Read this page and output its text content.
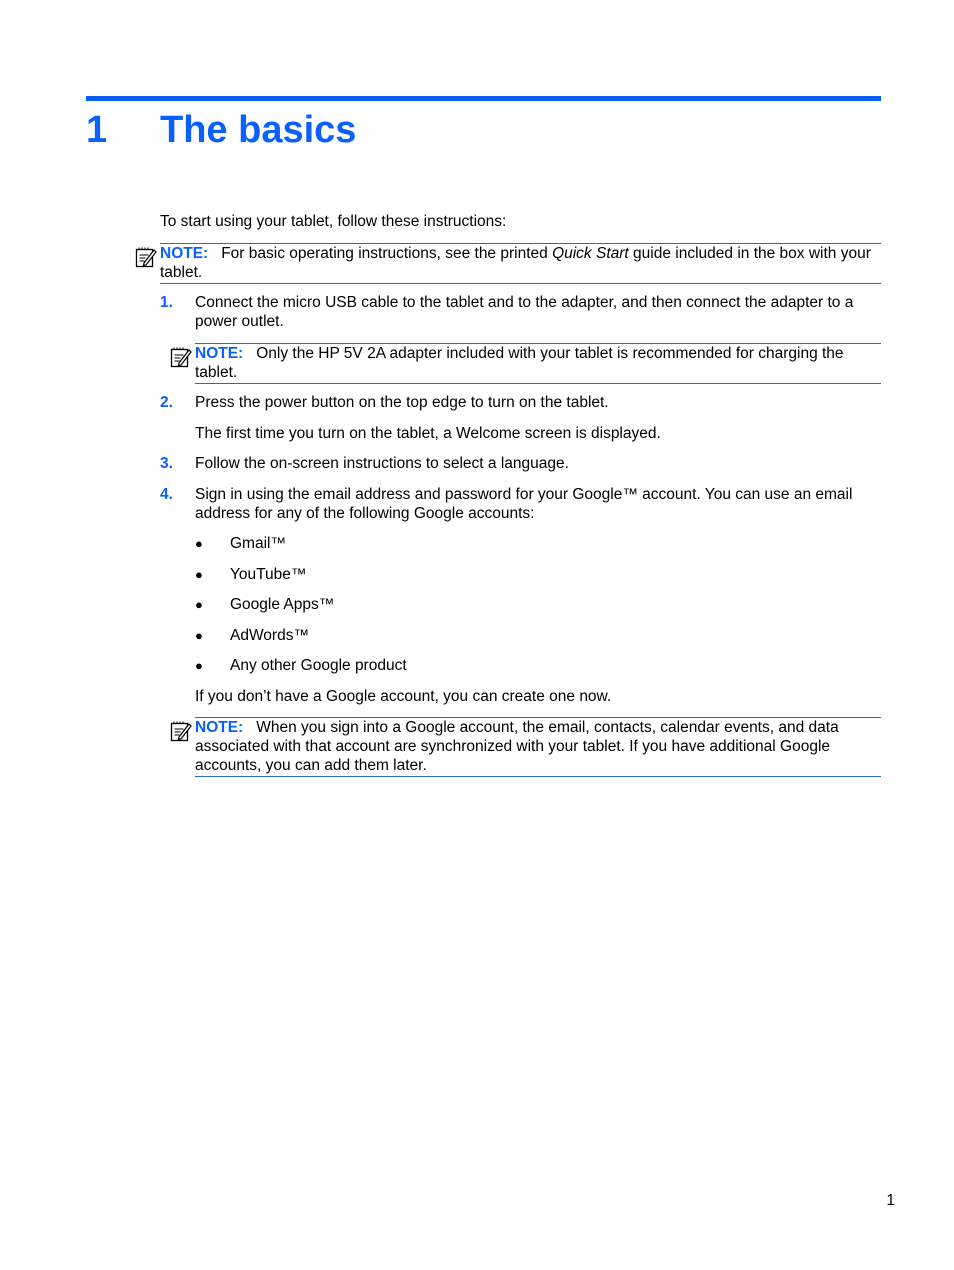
1 The basics
To start using your tablet, follow these instructions:
NOTE: For basic operating instructions, see the printed Quick Start guide included in the box with your tablet.
1. Connect the micro USB cable to the tablet and to the adapter, and then connect the adapter to a power outlet.
NOTE: Only the HP 5V 2A adapter included with your tablet is recommended for charging the tablet.
2. Press the power button on the top edge to turn on the tablet.
The first time you turn on the tablet, a Welcome screen is displayed.
3. Follow the on-screen instructions to select a language.
4. Sign in using the email address and password for your Google™ account. You can use an email address for any of the following Google accounts:
● Gmail™
● YouTube™
● Google Apps™
● AdWords™
● Any other Google product
If you don’t have a Google account, you can create one now.
NOTE: When you sign into a Google account, the email, contacts, calendar events, and data associated with that account are synchronized with your tablet. If you have additional Google accounts, you can add them later.
1
